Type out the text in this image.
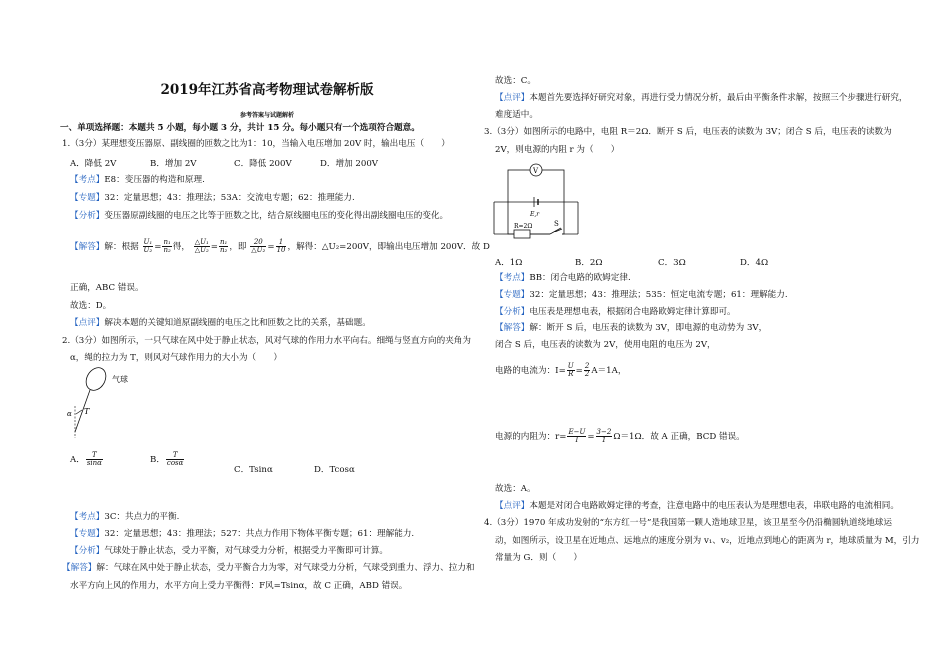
2019年江苏省高考物理试卷解析版
参考答案与试题解析
一、单项选择题：本题共 5 小题，每小题 3 分，共计 15 分。每小题只有一个选项符合题意。
1.（3分）某理想变压器原、副线圈的匝数之比为1：10，当输入电压增加 20V 时，输出电压（　　）
A．降低 2V	B．增加 2V	C．降低 200V	D．增加 200V
【考点】E8：变压器的构造和原理.
【专题】32：定量思想；43：推理法；53A：交流电专题；62：推理能力.
【分析】变压器原副线圈的电压之比等于匝数之比，结合原线圈电压的变化得出副线圈电压的变化。
【解答】解：根据 $\frac{\text{U₁}}{\text{U₂}} = \frac{\text{n₁}}{\text{n₂}}$ 得， $\frac{\text{△U₁}}{\text{△U₂}} = \frac{\text{n₁}}{\text{n₂}}$ ，即 $\frac{20}{\text{△U₂}} = \frac{1}{10}$ ，解得：△U₂=200V，即输出电压增加 200V．故 D
正确，ABC 错误。
故选：D。
【点评】解决本题的关键知道原副线圈的电压之比和匝数之比的关系，基础题。
2.（3分）如图所示，一只气球在风中处于静止状态，风对气球的作用力水平向右。细绳与竖直方向的夹角为
α，绳的拉力为 T，则风对气球作用力的大小为（　　）
气球
α T
A． $\frac{T}{\sin\alpha}$	B． $\frac{T}{\cos\alpha}$
C．Tsinα	D．Tcosα
【考点】3C：共点力的平衡.
【专题】32：定量思想；43：推理法；527：共点力作用下物体平衡专题；61：理解能力.
【分析】气球处于静止状态，受力平衡，对气球受力分析，根据受力平衡即可计算。
【解答】解：气球在风中处于静止状态，受力平衡合力为零，对气球受力分析，气球受到重力、浮力、拉力和
水平方向上风的作用力，水平方向上受力平衡得：F风=Tsinα，故 C 正确，ABD 错误。
故选：C。
【点评】本题首先要选择好研究对象，再进行受力情况分析，最后由平衡条件求解，按照三个步骤进行研究，
难度适中。
3.（3分）如图所示的电路中，电阻 R＝2Ω．断开 S 后，电压表的读数为 3V；闭合 S 后，电压表的读数为
2V，则电源的内阻 r 为（　　）
V
E,r
R=2Ω	S
A．1Ω	B．2Ω	C．3Ω	D．4Ω
【考点】BB：闭合电路的欧姆定律.
【专题】32：定量思想；43：推理法；535：恒定电流专题；61：理解能力.
【分析】电压表是理想电表，根据闭合电路欧姆定律计算即可。
【解答】解：断开 S 后，电压表的读数为 3V，即电源的电动势为 3V，
闭合 S 后，电压表的读数为 2V，使用电阻的电压为 2V，
电路的电流为：$I= \frac{U}{R} = \frac{2}{2} A=1A$，
电源的内阻为：$r= \frac{E-U}{I} = \frac{3-2}{1} \Omega=1\Omega$．故 A 正确，BCD 错误。
故选：A。
【点评】本题是对闭合电路欧姆定律的考查，注意电路中的电压表认为是理想电表，串联电路的电流相同。
4.（3分）1970 年成功发射的“东方红一号”是我国第一颗人造地球卫星，该卫星至今仍沿椭圆轨道绕地球运
动，如图所示，设卫星在近地点、远地点的速度分别为 v₁、v₂，近地点到地心的距离为 r，地球质量为 M，引力
常量为 G．则（　　）
